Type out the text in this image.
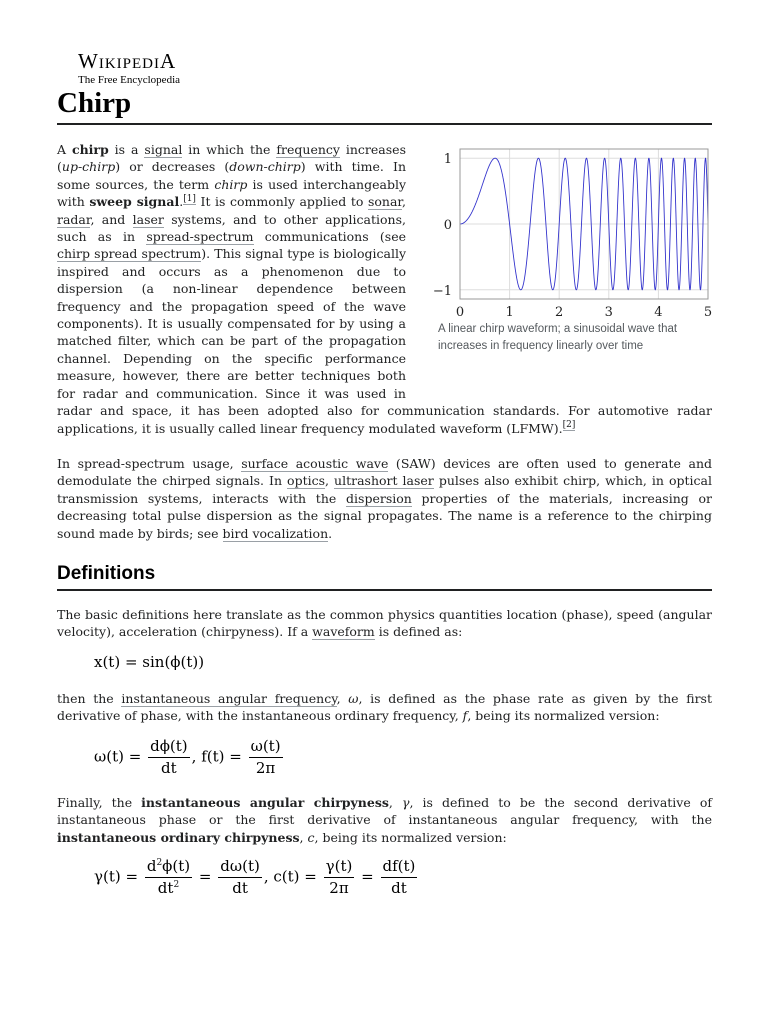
WIKIPEDIA
The Free Encyclopedia
Chirp
0	1	2	3	4	5
1
0
−1

A linear chirp waveform; a sinusoidal wave that increases in frequency linearly over time

A chirp is a signal in which the frequency increases (up-chirp) or decreases (down-chirp) with time. In some sources, the term chirp is used interchangeably with sweep signal.[1] It is commonly applied to sonar, radar, and laser systems, and to other applications, such as in spread-spectrum communications (see chirp spread spectrum). This signal type is biologically inspired and occurs as a phenomenon due to dispersion (a non-linear dependence between frequency and the propagation speed of the wave components). It is usually compensated for by using a matched filter, which can be part of the propagation channel. Depending on the specific performance measure, however, there are better techniques both for radar and communication. Since it was used in radar and space, it has been adopted also for communication standards. For automotive radar applications, it is usually called linear frequency modulated waveform (LFMW).[2]
In spread-spectrum usage, surface acoustic wave (SAW) devices are often used to generate and demodulate the chirped signals. In optics, ultrashort laser pulses also exhibit chirp, which, in optical transmission systems, interacts with the dispersion properties of the materials, increasing or decreasing total pulse dispersion as the signal propagates. The name is a reference to the chirping sound made by birds; see bird vocalization.
Definitions
The basic definitions here translate as the common physics quantities location (phase), speed (angular velocity), acceleration (chirpyness). If a waveform is defined as:
x(t) = sin(ϕ(t))
then the instantaneous angular frequency, ω, is defined as the phase rate as given by the first derivative of phase, with the instantaneous ordinary frequency, f, being its normalized version:
$\omega(t) = \frac{d\phi(t)}{dt}$ , $f(t) = \frac{\omega(t)}{2\pi}$
Finally, the instantaneous angular chirpyness, γ, is defined to be the second derivative of instantaneous phase or the first derivative of instantaneous angular frequency, with the instantaneous ordinary chirpyness, c, being its normalized version:
$\gamma(t) = \frac{d^2\phi(t)}{dt^2} = \frac{d\omega(t)}{dt}$ , $c(t) = \frac{\gamma(t)}{2\pi} = \frac{df(t)}{dt}$
